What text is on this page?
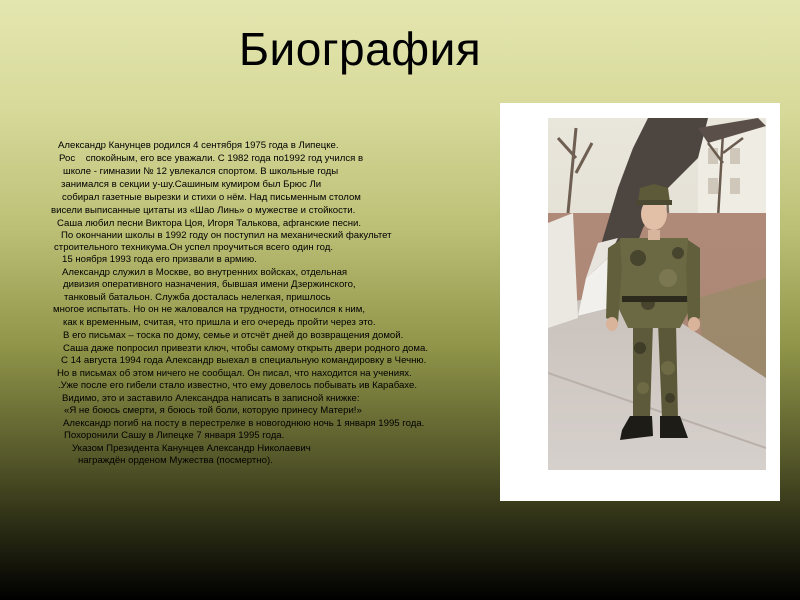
Биография
Александр Канунцев родился 4 сентября 1975 года в Липецке.
Рос    спокойным, его все уважали. С 1982 года по1992 год учился в
школе - гимназии № 12 увлекался спортом. В школьные годы
занимался в секции у-шу.Сашиным кумиром был Брюс Ли
собирал газетные вырезки и стихи о нём. Над письменным столом
висели выписанные цитаты из «Шао Линь» о мужестве и стойкости.
Саша любил песни Виктора Цоя, Игоря Талькова, афганские песни.
По окончании школы в 1992 году он поступил на механический факультет
строительного техникума.Он успел проучиться всего один год.
15 ноября 1993 года его призвали в армию.
Александр служил в Москве, во внутренних войсках, отдельная
дивизия оперативного назначения, бывшая имени Дзержинского,
танковый батальон. Служба досталась нелегкая, пришлось
многое испытать. Но он не жаловался на трудности, относился к ним,
как к временным, считая, что пришла и его очередь пройти через это.
В его письмах – тоска по дому, семье и отсчёт дней до возвращения домой.
Саша даже попросил привезти ключ, чтобы самому открыть двери родного дома.
С 14 августа 1994 года Александр выехал в специальную командировку в Чечню.
Но в письмах об этом ничего не сообщал. Он писал, что находится на учениях.
.Уже после его гибели стало известно, что ему довелось побывать ив Карабахе.
Видимо, это и заставило Александра написать в записной книжке:
«Я не боюсь смерти, я боюсь той боли, которую принесу Матери!»
Александр погиб на посту в перестрелке в новогоднюю ночь 1 января 1995 года.
Похоронили Сашу в Липецке 7 января 1995 года.
Указом Президента Канунцев Александр Николаевич
награждён орденом Мужества (посмертно).
